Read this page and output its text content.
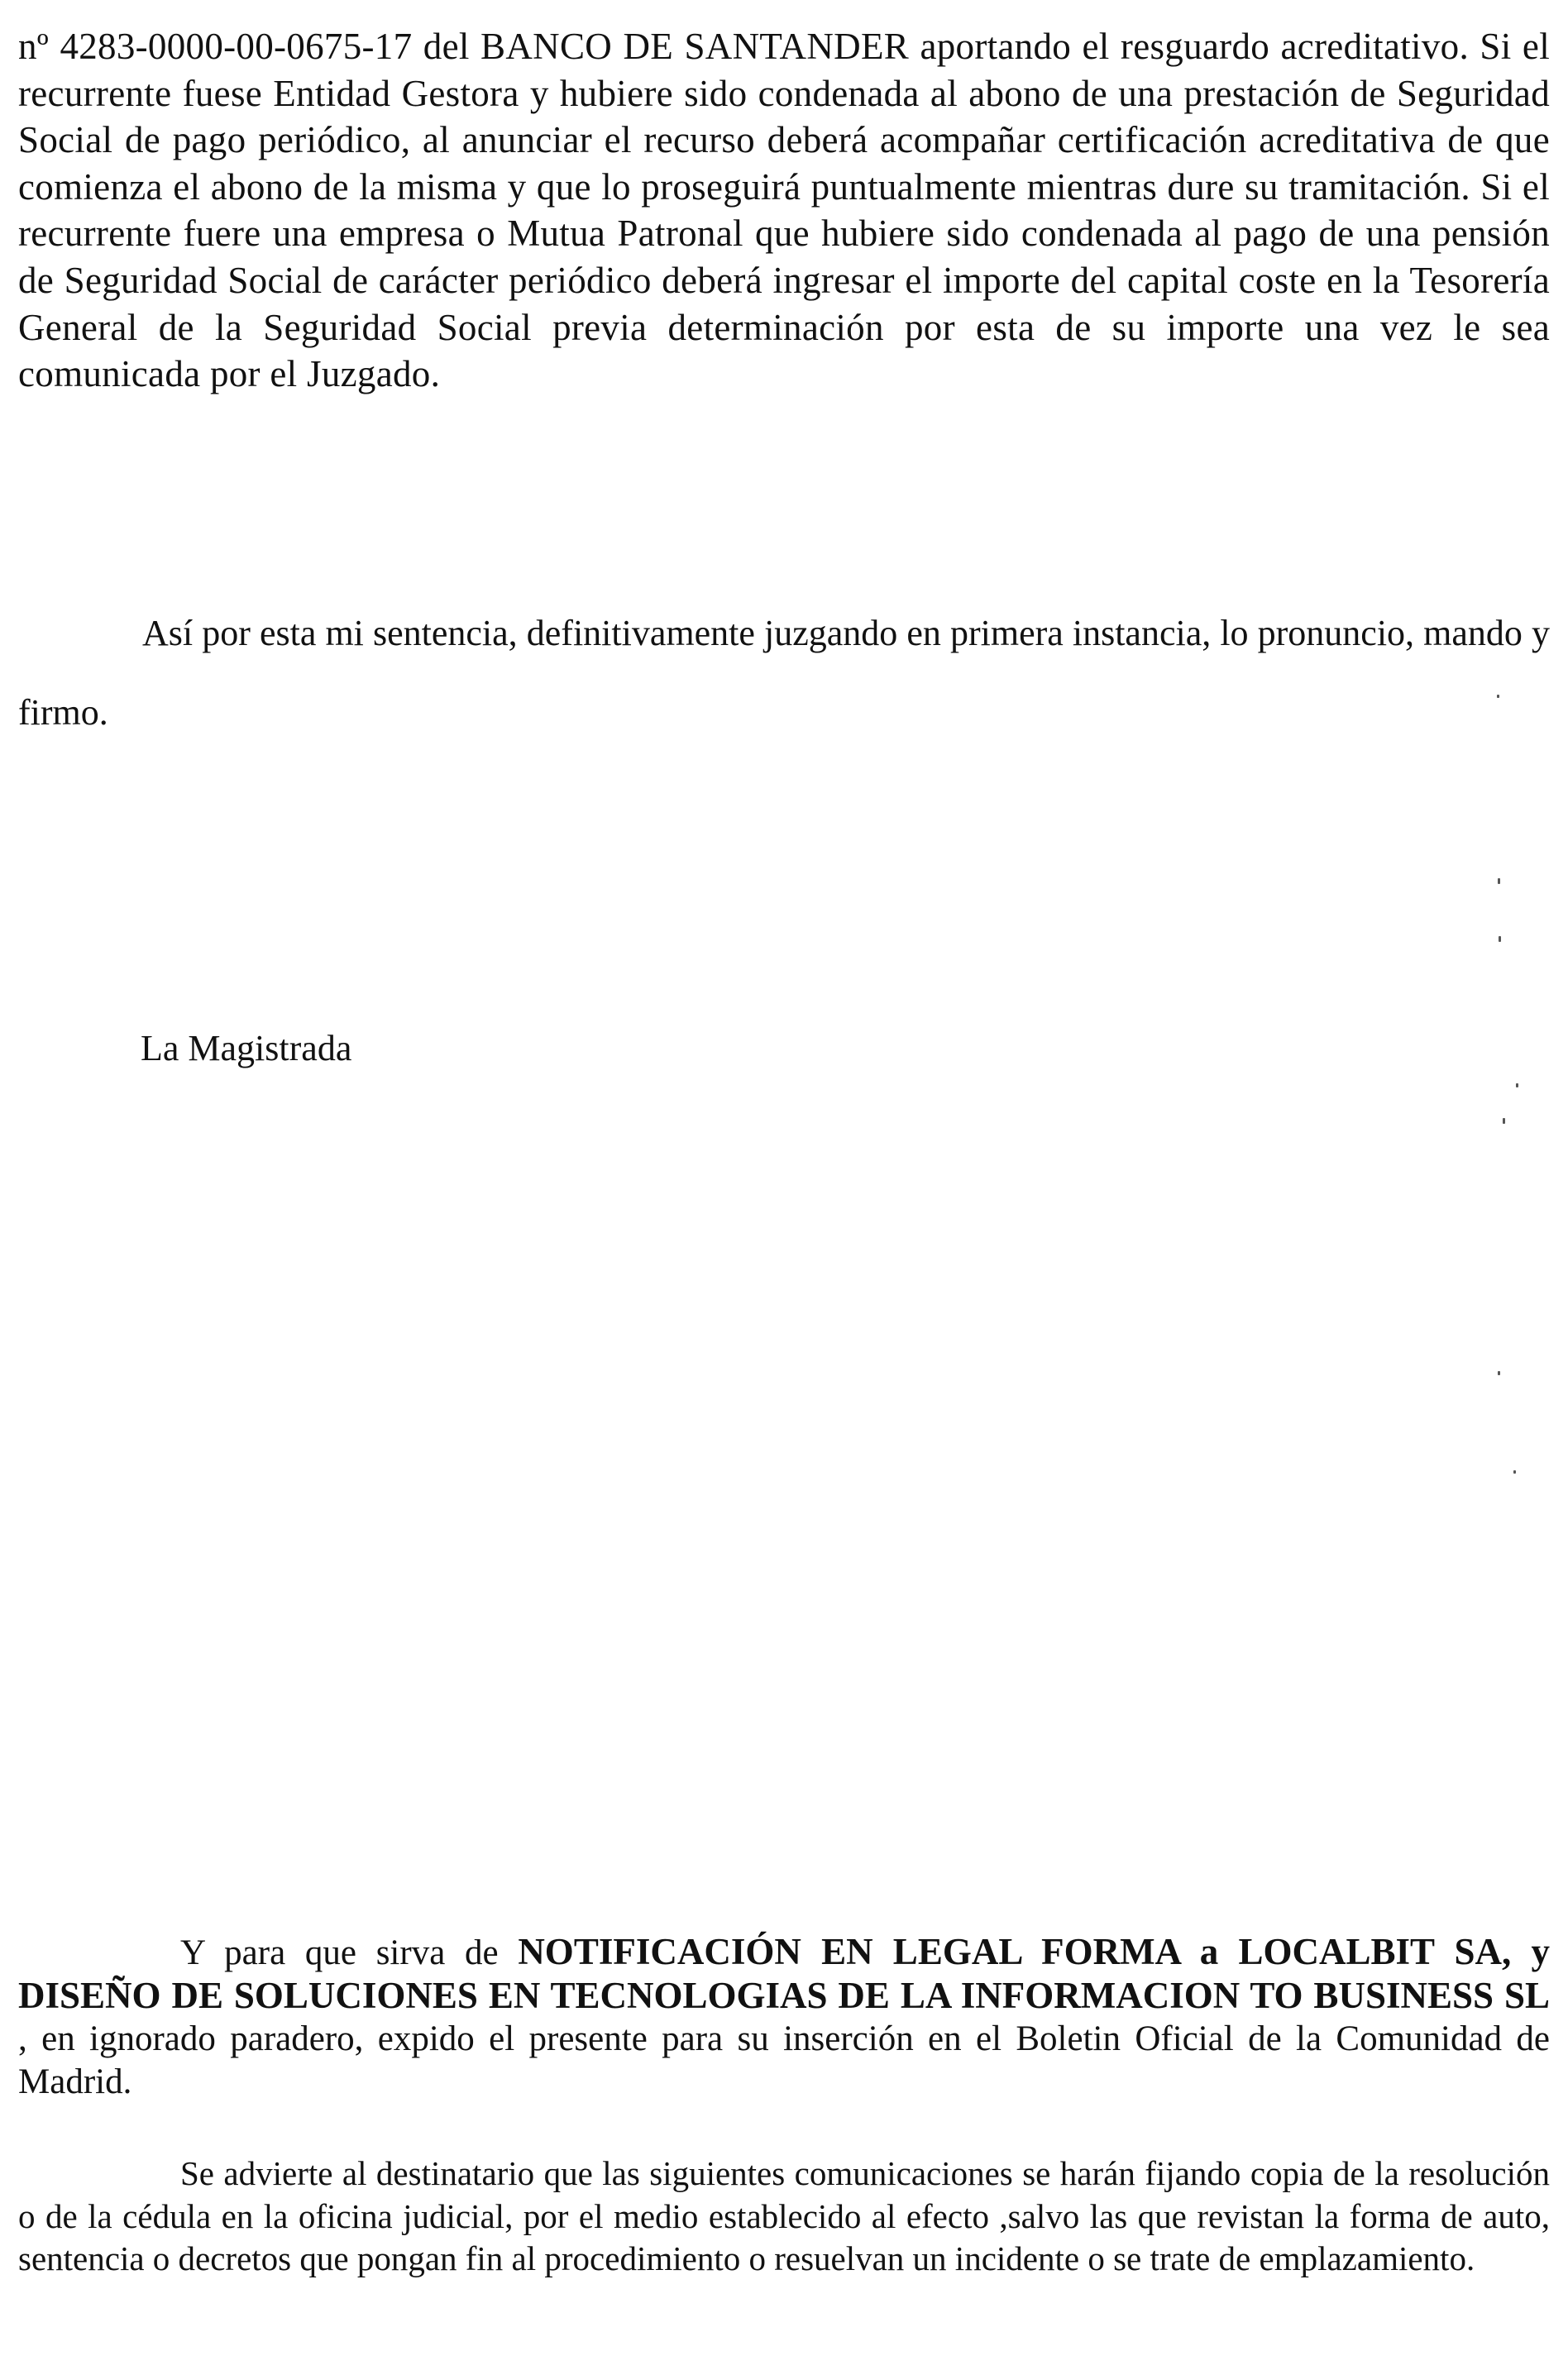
nº 4283-0000-00-0675-17 del BANCO DE SANTANDER aportando el resguardo acreditativo. Si el recurrente fuese Entidad Gestora y hubiere sido condenada al abono de una prestación de Seguridad Social de pago periódico, al anunciar el recurso deberá acompañar certificación acreditativa de que comienza el abono de la misma y que lo proseguirá puntualmente mientras dure su tramitación. Si el recurrente fuere una empresa o Mutua Patronal que hubiere sido condenada al pago de una pensión de Seguridad Social de carácter periódico deberá ingresar el importe del capital coste en la Tesorería General de la Seguridad Social previa determinación por esta de su importe una vez le sea comunicada por el Juzgado.

Así por esta mi sentencia, definitivamente juzgando en primera instancia, lo pronuncio, mando y firmo.

La Magistrada

Y para que sirva de NOTIFICACIÓN EN LEGAL FORMA a LOCALBIT SA, y DISEÑO DE SOLUCIONES EN TECNOLOGIAS DE LA INFORMACION TO BUSINESS SL , en ignorado paradero, expido el presente para su inserción en el Boletin Oficial de la Comunidad de Madrid.

Se advierte al destinatario que las siguientes comunicaciones se harán fijando copia de la resolución o de la cédula en la oficina judicial, por el medio establecido al efecto ,salvo las que revistan la forma de auto, sentencia o decretos que pongan fin al procedimiento o resuelvan un incidente o se trate de emplazamiento.
